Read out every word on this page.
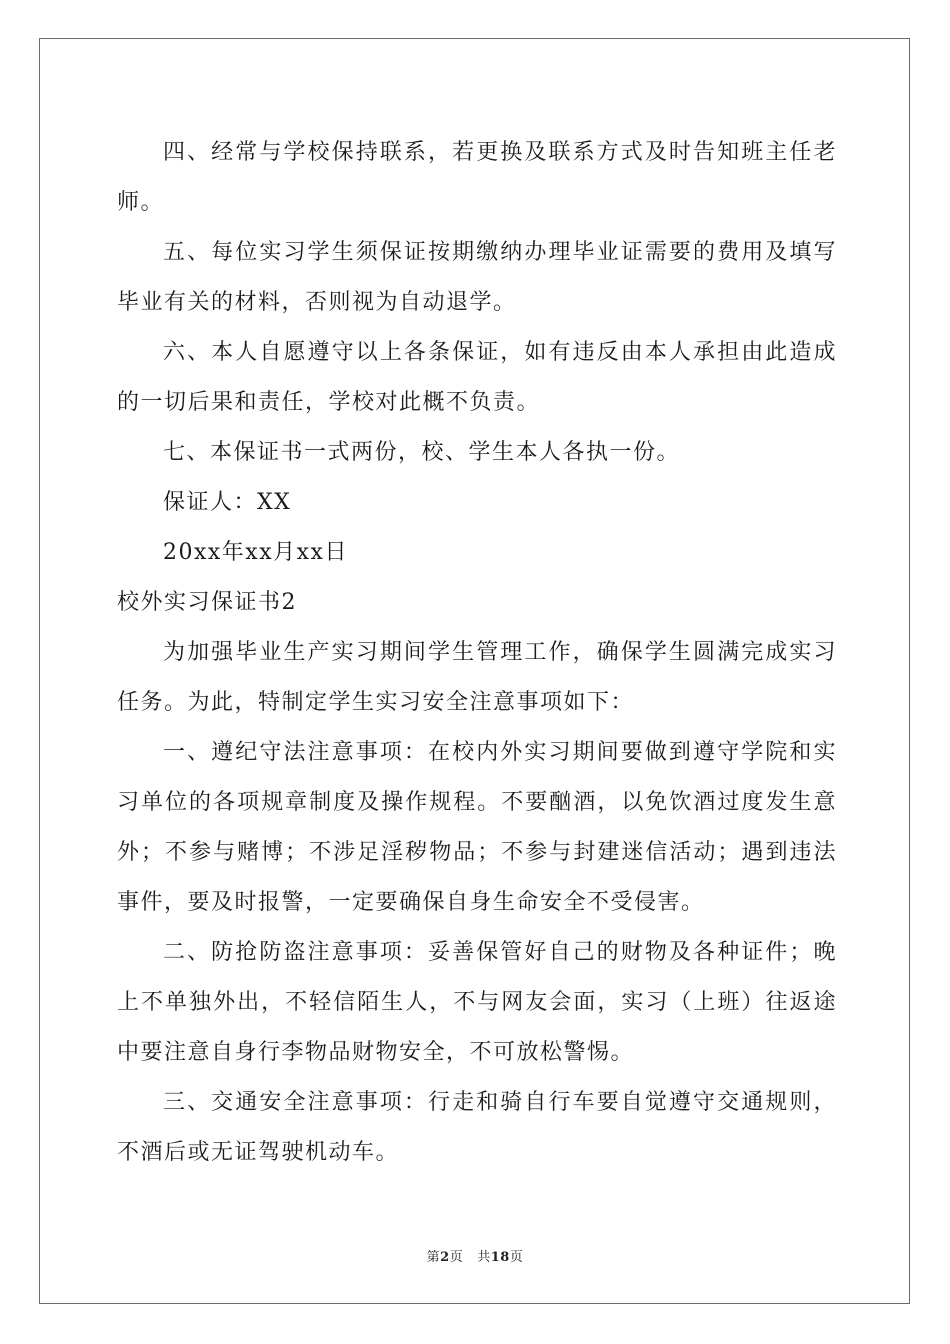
四、经常与学校保持联系，若更换及联系方式及时告知班主任老师。

五、每位实习学生须保证按期缴纳办理毕业证需要的费用及填写毕业有关的材料，否则视为自动退学。

六、本人自愿遵守以上各条保证，如有违反由本人承担由此造成的一切后果和责任，学校对此概不负责。

七、本保证书一式两份，校、学生本人各执一份。

保证人：XX

20xx年xx月xx日

校外实习保证书2

为加强毕业生产实习期间学生管理工作，确保学生圆满完成实习任务。为此，特制定学生实习安全注意事项如下：

一、遵纪守法注意事项：在校内外实习期间要做到遵守学院和实习单位的各项规章制度及操作规程。不要酗酒，以免饮酒过度发生意外；不参与赌博；不涉足淫秽物品；不参与封建迷信活动；遇到违法事件，要及时报警，一定要确保自身生命安全不受侵害。

二、防抢防盗注意事项：妥善保管好自己的财物及各种证件；晚上不单独外出，不轻信陌生人，不与网友会面，实习（上班）往返途中要注意自身行李物品财物安全，不可放松警惕。

三、交通安全注意事项：行走和骑自行车要自觉遵守交通规则，不酒后或无证驾驶机动车。

第2页 共18页
